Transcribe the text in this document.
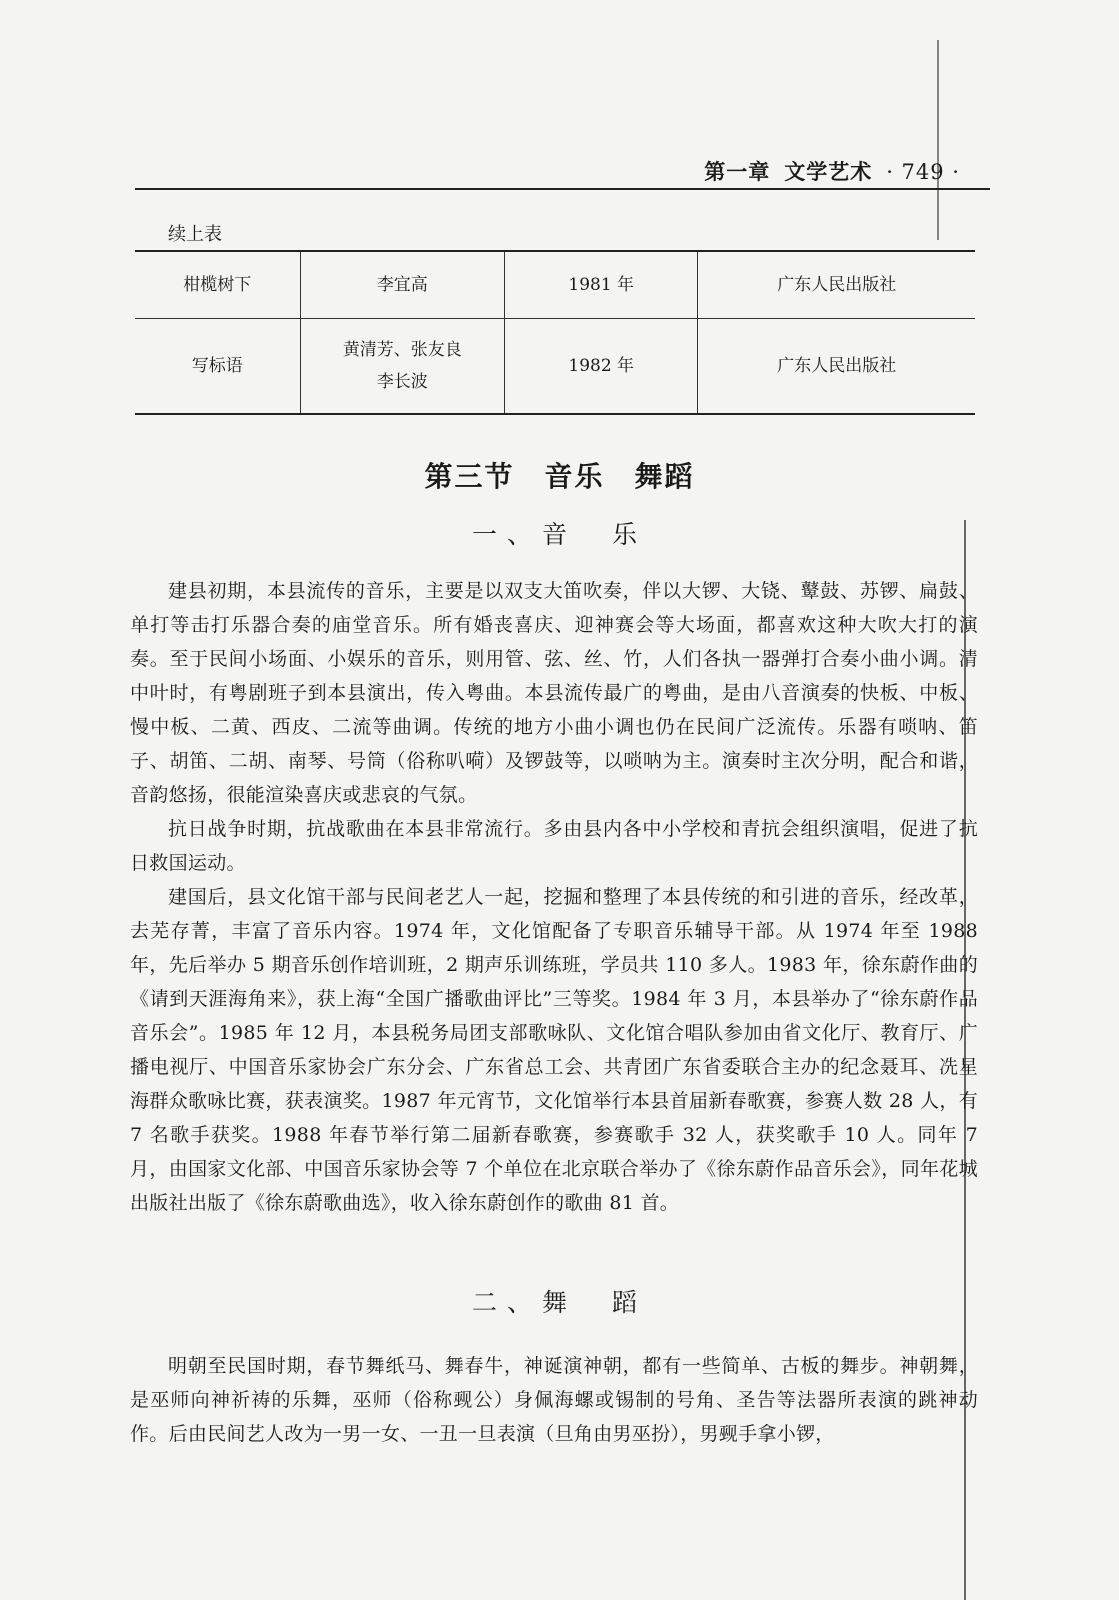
第一章 文学艺术 · 749 ·
续上表
柑榄树下	李宜高	1981 年	广东人民出版社
写标语	黄清芳、张友良 李长波	1982 年	广东人民出版社
第三节　音乐　舞蹈
一、音　乐

建县初期，本县流传的音乐，主要是以双支大笛吹奏，伴以大锣、大铙、鼙鼓、苏锣、扁鼓、单打等击打乐器合奏的庙堂音乐。所有婚丧喜庆、迎神赛会等大场面，都喜欢这种大吹大打的演奏。至于民间小场面、小娱乐的音乐，则用管、弦、丝、竹，人们各执一器弹打合奏小曲小调。清中叶时，有粤剧班子到本县演出，传入粤曲。本县流传最广的粤曲，是由八音演奏的快板、中板、慢中板、二黄、西皮、二流等曲调。传统的地方小曲小调也仍在民间广泛流传。乐器有唢呐、笛子、胡笛、二胡、南琴、号筒（俗称叭嗬）及锣鼓等，以唢呐为主。演奏时主次分明，配合和谐，音韵悠扬，很能渲染喜庆或悲哀的气氛。

抗日战争时期，抗战歌曲在本县非常流行。多由县内各中小学校和青抗会组织演唱，促进了抗日救国运动。

建国后，县文化馆干部与民间老艺人一起，挖掘和整理了本县传统的和引进的音乐，经改革，去芜存菁，丰富了音乐内容。1974 年，文化馆配备了专职音乐辅导干部。从 1974 年至 1988 年，先后举办 5 期音乐创作培训班，2 期声乐训练班，学员共 110 多人。1983 年，徐东蔚作曲的《请到天涯海角来》，获上海“全国广播歌曲评比”三等奖。1984 年 3 月，本县举办了“徐东蔚作品音乐会”。1985 年 12 月，本县税务局团支部歌咏队、文化馆合唱队参加由省文化厅、教育厅、广播电视厅、中国音乐家协会广东分会、广东省总工会、共青团广东省委联合主办的纪念聂耳、冼星海群众歌咏比赛，获表演奖。1987 年元宵节，文化馆举行本县首届新春歌赛，参赛人数 28 人，有 7 名歌手获奖。1988 年春节举行第二届新春歌赛，参赛歌手 32 人，获奖歌手 10 人。同年 7 月，由国家文化部、中国音乐家协会等 7 个单位在北京联合举办了《徐东蔚作品音乐会》，同年花城出版社出版了《徐东蔚歌曲选》，收入徐东蔚创作的歌曲 81 首。

二、舞　蹈

明朝至民国时期，春节舞纸马、舞春牛，神诞演神朝，都有一些简单、古板的舞步。神朝舞，是巫师向神祈祷的乐舞，巫师（俗称觋公）身佩海螺或锡制的号角、圣告等法器所表演的跳神动作。后由民间艺人改为一男一女、一丑一旦表演（旦角由男巫扮），男觋手拿小锣，
